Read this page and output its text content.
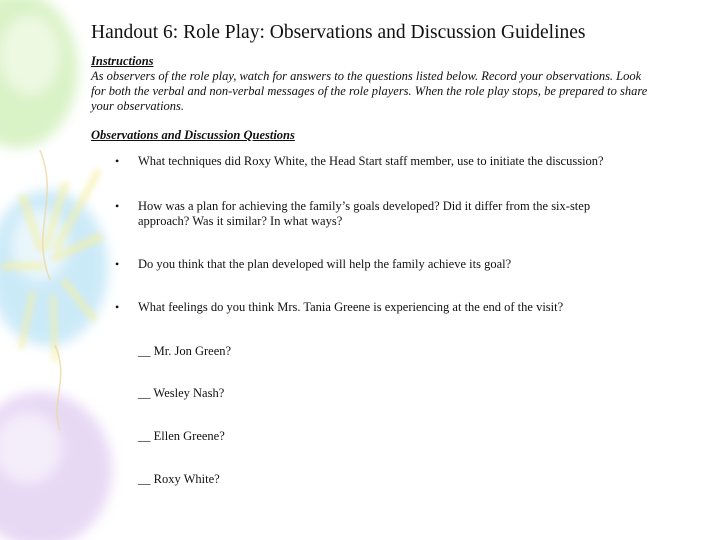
Handout 6: Role Play: Observations and Discussion Guidelines
Instructions

As observers of the role play, watch for answers to the questions listed below. Record your observations. Look for both the verbal and non-verbal messages of the role players. When the role play stops, be prepared to share your observations.

Observations and Discussion Questions
• What techniques did Roxy White, the Head Start staff member, use to initiate the discussion?

• How was a plan for achieving the family’s goals developed? Did it differ from the six-step approach? Was it similar? In what ways?

• Do you think that the plan developed will help the family achieve its goal?

• What feelings do you think Mrs. Tania Greene is experiencing at the end of the visit?

__ Mr. Jon Green?
__ Wesley Nash?
__ Ellen Greene?
__ Roxy White?
